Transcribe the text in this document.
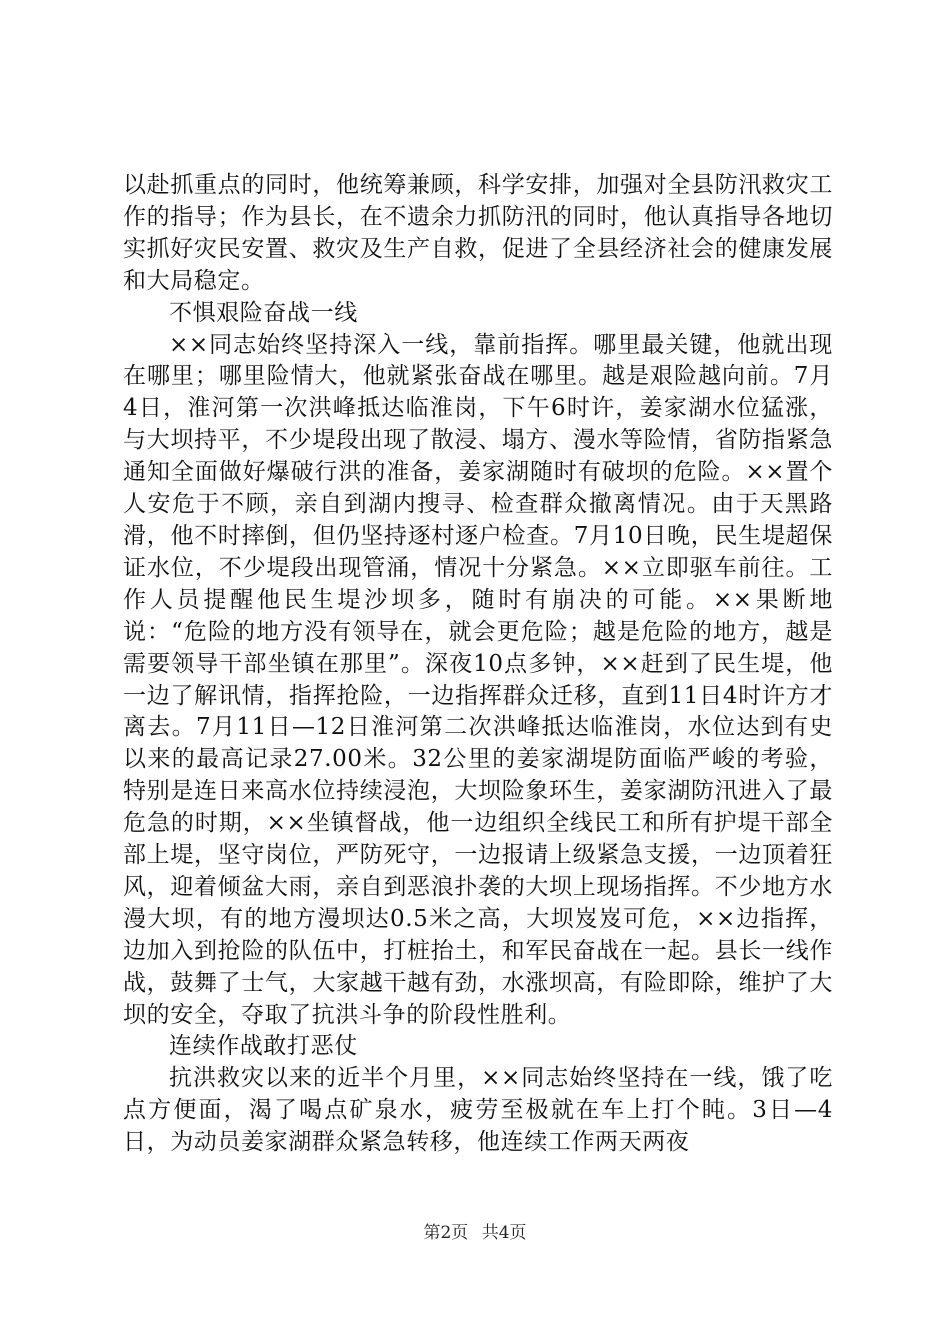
以赴抓重点的同时，他统筹兼顾，科学安排，加强对全县防汛救灾工作的指导；作为县长，在不遗余力抓防汛的同时，他认真指导各地切实抓好灾民安置、救灾及生产自救，促进了全县经济社会的健康发展和大局稳定。

不惧艰险奋战一线

××同志始终坚持深入一线，靠前指挥。哪里最关键，他就出现在哪里；哪里险情大，他就紧张奋战在哪里。越是艰险越向前。7月4日，淮河第一次洪峰抵达临淮岗，下午6时许，姜家湖水位猛涨，与大坝持平，不少堤段出现了散浸、塌方、漫水等险情，省防指紧急通知全面做好爆破行洪的准备，姜家湖随时有破坝的危险。××置个人安危于不顾，亲自到湖内搜寻、检查群众撤离情况。由于天黑路滑，他不时摔倒，但仍坚持逐村逐户检查。7月10日晚，民生堤超保证水位，不少堤段出现管涌，情况十分紧急。××立即驱车前往。工作人员提醒他民生堤沙坝多，随时有崩决的可能。××果断地说：“危险的地方没有领导在，就会更危险；越是危险的地方，越是需要领导干部坐镇在那里”。深夜10点多钟，××赶到了民生堤，他一边了解讯情，指挥抢险，一边指挥群众迁移，直到11日4时许方才离去。7月11日—12日淮河第二次洪峰抵达临淮岗，水位达到有史以来的最高记录27.00米。32公里的姜家湖堤防面临严峻的考验，特别是连日来高水位持续浸泡，大坝险象环生，姜家湖防汛进入了最危急的时期，××坐镇督战，他一边组织全线民工和所有护堤干部全部上堤，坚守岗位，严防死守，一边报请上级紧急支援，一边顶着狂风，迎着倾盆大雨，亲自到恶浪扑袭的大坝上现场指挥。不少地方水漫大坝，有的地方漫坝达0.5米之高，大坝岌岌可危，××边指挥，边加入到抢险的队伍中，打桩抬土，和军民奋战在一起。县长一线作战，鼓舞了士气，大家越干越有劲，水涨坝高，有险即除，维护了大坝的安全，夺取了抗洪斗争的阶段性胜利。

连续作战敢打恶仗

抗洪救灾以来的近半个月里，××同志始终坚持在一线，饿了吃点方便面，渴了喝点矿泉水，疲劳至极就在车上打个盹。3日—4日，为动员姜家湖群众紧急转移，他连续工作两天两夜

第2页 共4页
